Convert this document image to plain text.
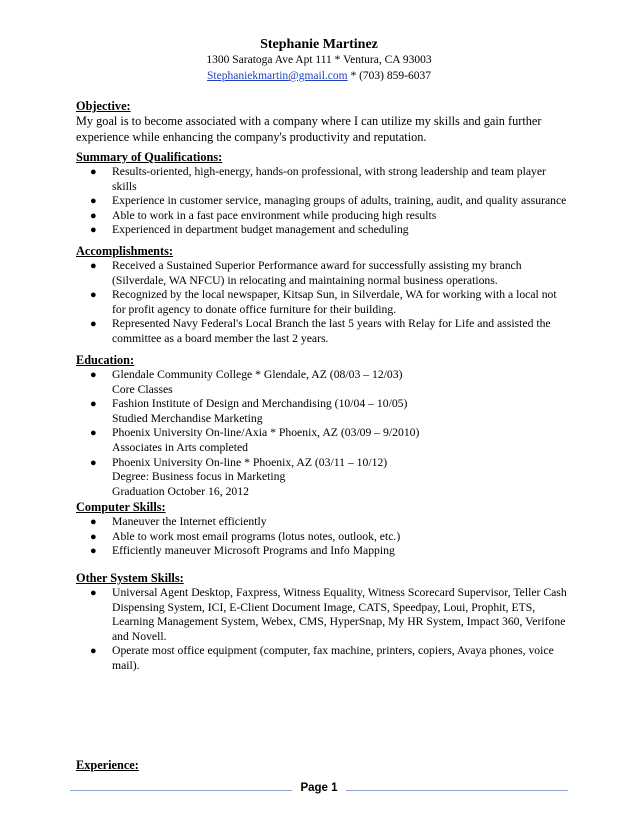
Stephanie Martinez
1300 Saratoga Ave Apt 111 * Ventura, CA 93003
Stephaniekmartin@gmail.com * (703) 859-6037
Objective:
My goal is to become associated with a company where I can utilize my skills and gain further
experience while enhancing the company's productivity and reputation.
Summary of Qualifications:
● Results-oriented, high-energy, hands-on professional, with strong leadership and team player
skills
● Experience in customer service, managing groups of adults, training, audit, and quality assurance
● Able to work in a fast pace environment while producing high results
● Experienced in department budget management and scheduling
Accomplishments:
● Received a Sustained Superior Performance award for successfully assisting my branch
(Silverdale, WA NFCU) in relocating and maintaining normal business operations.
● Recognized by the local newspaper, Kitsap Sun, in Silverdale, WA for working with a local not
for profit agency to donate office furniture for their building.
● Represented Navy Federal's Local Branch the last 5 years with Relay for Life and assisted the
committee as a board member the last 2 years.
Education:
● Glendale Community College * Glendale, AZ (08/03 – 12/03)
Core Classes
● Fashion Institute of Design and Merchandising (10/04 – 10/05)
Studied Merchandise Marketing
● Phoenix University On-line/Axia * Phoenix, AZ (03/09 – 9/2010)
Associates in Arts completed
● Phoenix University On-line * Phoenix, AZ (03/11 – 10/12)
Degree: Business focus in Marketing
Graduation October 16, 2012
Computer Skills:
● Maneuver the Internet efficiently
● Able to work most email programs (lotus notes, outlook, etc.)
● Efficiently maneuver Microsoft Programs and Info Mapping
Other System Skills:
● Universal Agent Desktop, Faxpress, Witness Equality, Witness Scorecard Supervisor, Teller Cash
Dispensing System, ICI, E-Client Document Image, CATS, Speedpay, Loui, Prophit, ETS,
Learning Management System, Webex, CMS, HyperSnap, My HR System, Impact 360, Verifone
and Novell.
● Operate most office equipment (computer, fax machine, printers, copiers, Avaya phones, voice
mail).
Experience:
Page 1
